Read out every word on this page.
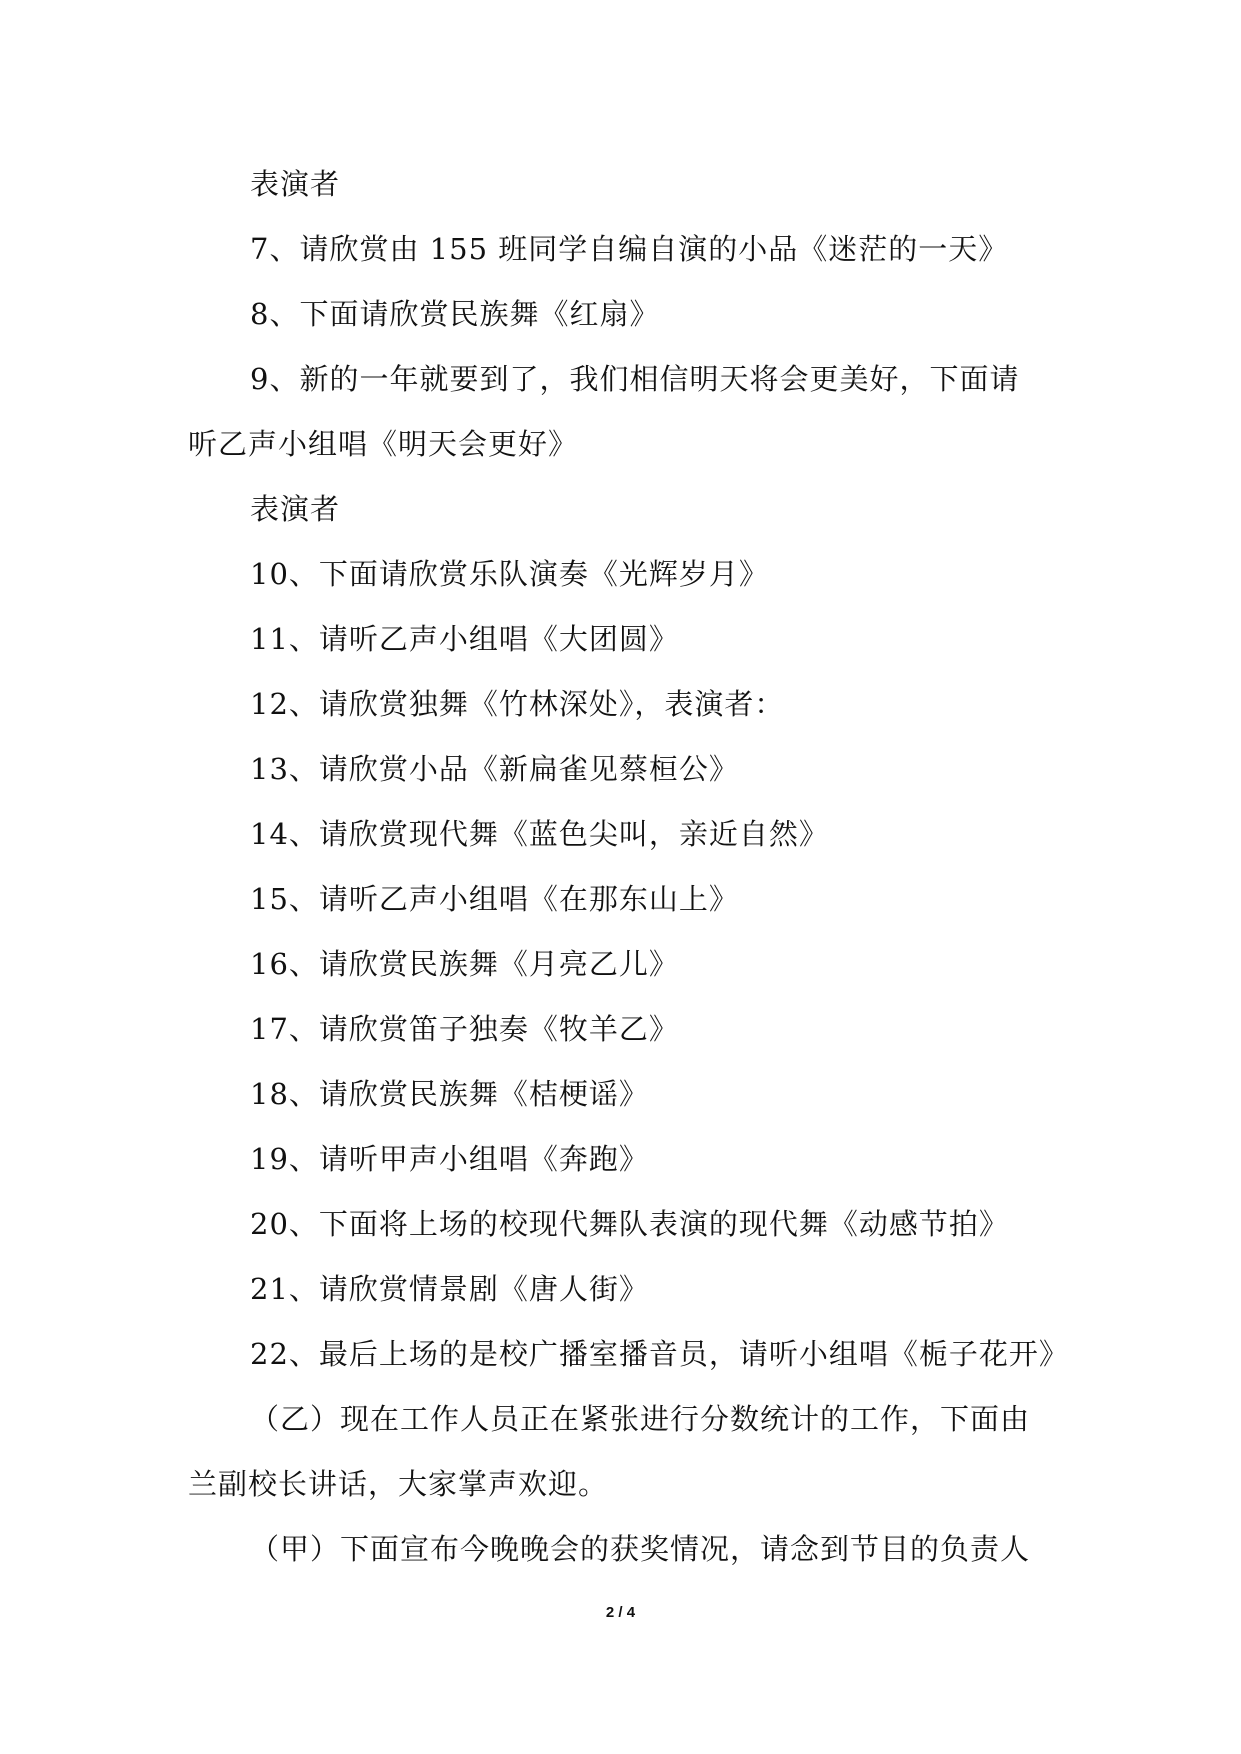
表演者
7、请欣赏由 155 班同学自编自演的小品《迷茫的一天》
8、下面请欣赏民族舞《红扇》
9、新的一年就要到了，我们相信明天将会更美好，下面请
听乙声小组唱《明天会更好》
表演者
10、下面请欣赏乐队演奏《光辉岁月》
11、请听乙声小组唱《大团圆》
12、请欣赏独舞《竹林深处》，表演者：
13、请欣赏小品《新扁雀见蔡桓公》
14、请欣赏现代舞《蓝色尖叫，亲近自然》
15、请听乙声小组唱《在那东山上》
16、请欣赏民族舞《月亮乙儿》
17、请欣赏笛子独奏《牧羊乙》
18、请欣赏民族舞《桔梗谣》
19、请听甲声小组唱《奔跑》
20、下面将上场的校现代舞队表演的现代舞《动感节拍》
21、请欣赏情景剧《唐人街》
22、最后上场的是校广播室播音员，请听小组唱《栀子花开》
（乙）现在工作人员正在紧张进行分数统计的工作，下面由
兰副校长讲话，大家掌声欢迎。
（甲）下面宣布今晚晚会的获奖情况，请念到节目的负责人
2 / 4
